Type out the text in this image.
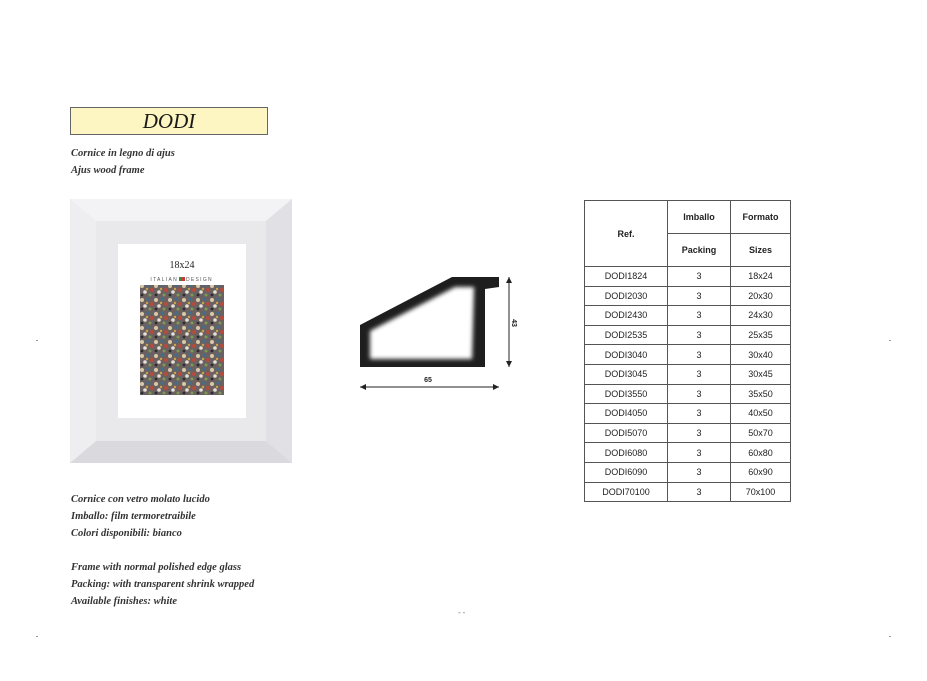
DODI
Cornice in legno di ajus
Ajus wood frame
18x24
ITALIAN DESIGN
43
65
Ref.	Imballo	Formato
	Packing	Sizes
DODI1824	3	18x24
DODI2030	3	20x30
DODI2430	3	24x30
DODI2535	3	25x35
DODI3040	3	30x40
DODI3045	3	30x45
DODI3550	3	35x50
DODI4050	3	40x50
DODI5070	3	50x70
DODI6080	3	60x80
DODI6090	3	60x90
DODI70100	3	70x100
Cornice con vetro molato lucido
Imballo: film termoretraibile
Colori disponibili: bianco
Frame with normal polished edge glass
Packing: with transparent shrink wrapped
Available finishes: white
- -
